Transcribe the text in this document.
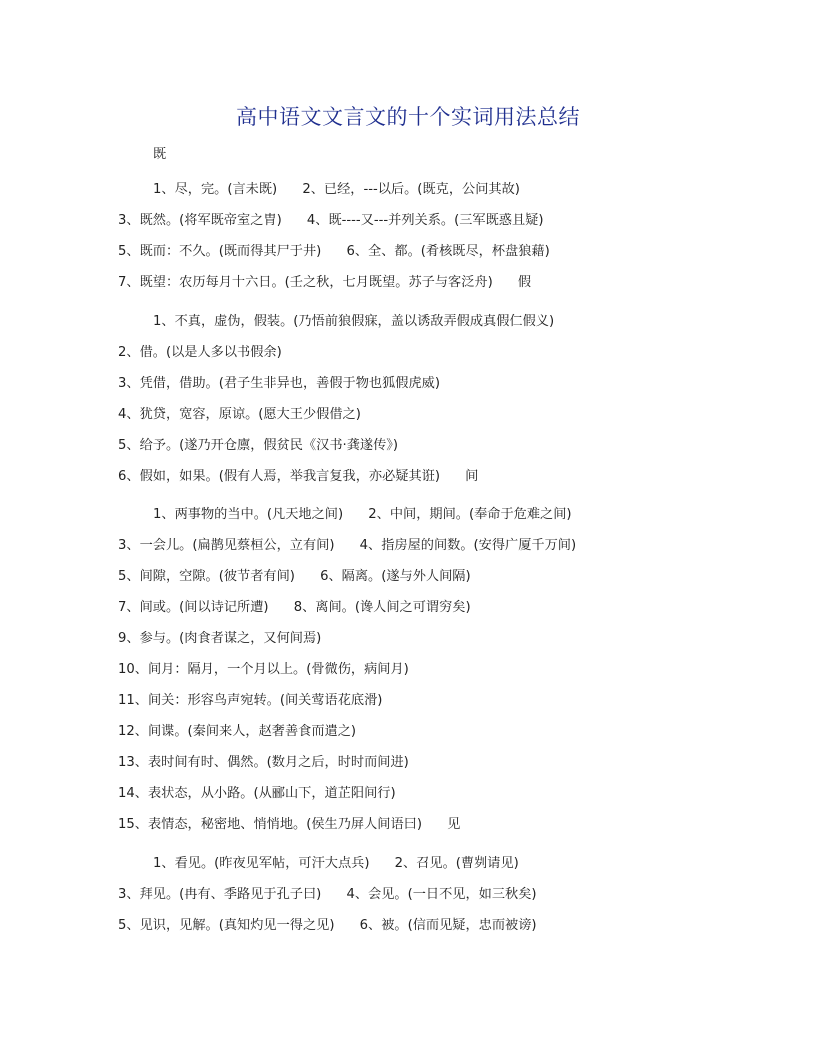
高中语文文言文的十个实词用法总结
既
1、尽，完。(言未既)      2、已经，---以后。(既克，公问其故)
3、既然。(将军既帝室之胄)      4、既----又---并列关系。(三军既惑且疑)
5、既而：不久。(既而得其尸于井)      6、全、都。(肴核既尽，杯盘狼藉)
7、既望：农历每月十六日。(壬之秋，七月既望。苏子与客泛舟)      假
1、不真，虚伪，假装。(乃悟前狼假寐，盖以诱敌弄假成真假仁假义)
2、借。(以是人多以书假余)
3、凭借，借助。(君子生非异也，善假于物也狐假虎威)
4、犹贷，宽容，原谅。(愿大王少假借之)
5、给予。(遂乃开仓廪，假贫民《汉书·龚遂传》)
6、假如，如果。(假有人焉，举我言复我，亦必疑其诳)      间
1、两事物的当中。(凡天地之间)      2、中间，期间。(奉命于危难之间)
3、一会儿。(扁鹊见蔡桓公，立有间)      4、指房屋的间数。(安得广厦千万间)
5、间隙，空隙。(彼节者有间)      6、隔离。(遂与外人间隔)
7、间或。(间以诗记所遭)      8、离间。(谗人间之可谓穷矣)
9、参与。(肉食者谋之，又何间焉)
10、间月：隔月，一个月以上。(骨微伤，病间月)
11、间关：形容鸟声宛转。(间关莺语花底滑)
12、间谍。(秦间来人，赵奢善食而遣之)
13、表时间有时、偶然。(数月之后，时时而间进)
14、表状态，从小路。(从郦山下，道芷阳间行)
15、表情态，秘密地、悄悄地。(侯生乃屏人间语曰)      见
1、看见。(昨夜见军帖，可汗大点兵)      2、召见。(曹刿请见)
3、拜见。(冉有、季路见于孔子曰)      4、会见。(一日不见，如三秋矣)
5、见识，见解。(真知灼见一得之见)      6、被。(信而见疑，忠而被谤)
